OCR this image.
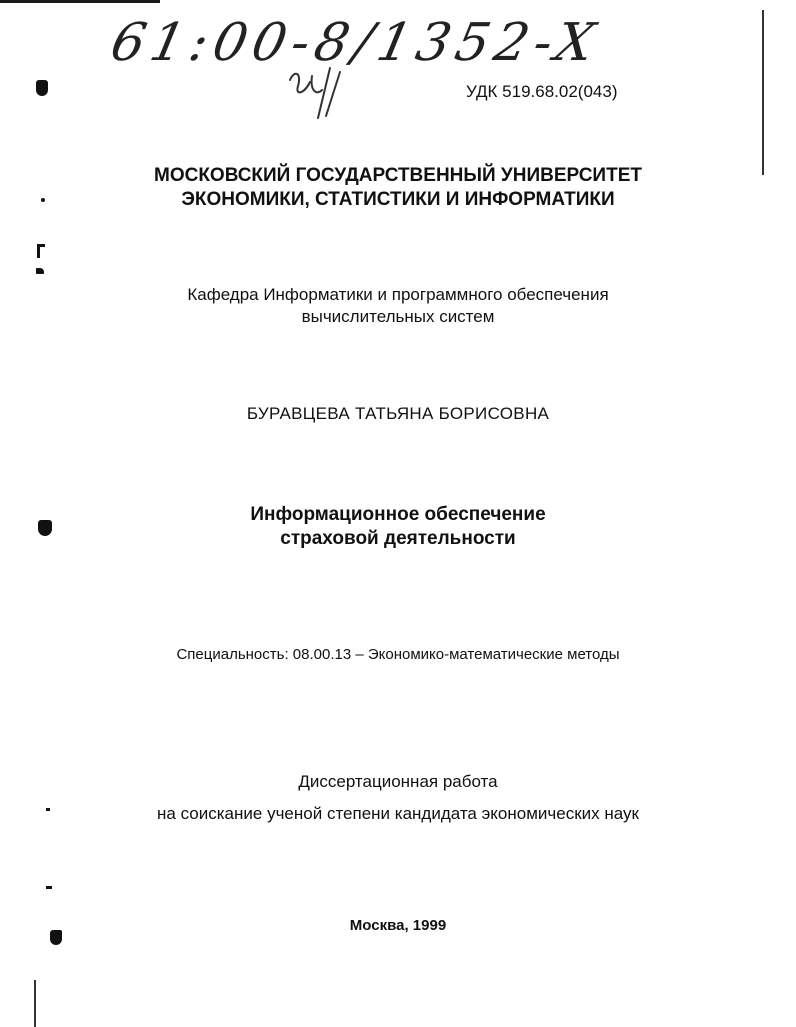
61:00-8/1352-X
УДК 519.68.02(043)
МОСКОВСКИЙ ГОСУДАРСТВЕННЫЙ УНИВЕРСИТЕТ
ЭКОНОМИКИ, СТАТИСТИКИ И ИНФОРМАТИКИ
Кафедра Информатики и программного обеспечения
вычислительных систем
БУРАВЦЕВА ТАТЬЯНА БОРИСОВНА
Информационное обеспечение
страховой деятельности
Специальность: 08.00.13 – Экономико-математические методы
Диссертационная работа
на соискание ученой степени кандидата экономических наук
Москва, 1999
